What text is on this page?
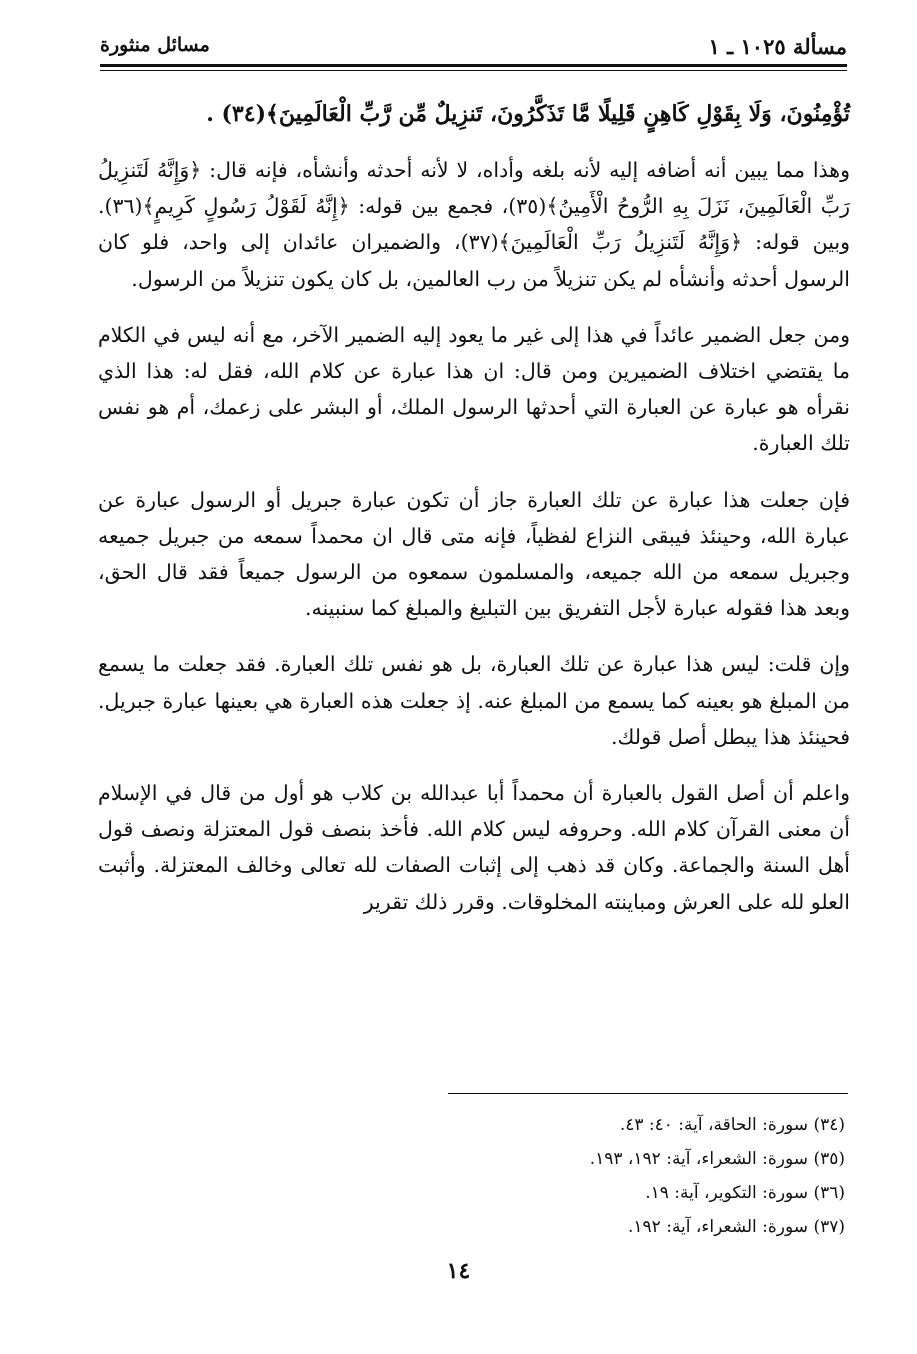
مسألة ١٠٢٥ ـ ١
مسائل منثورة

تُؤْمِنُونَ، وَلَا بِقَوْلِ كَاهِنٍ قَلِيلًا مَّا تَذَكَّرُونَ، تَنزِيلٌ مِّن رَّبِّ الْعَالَمِينَ﴾(٣٤) .

وهذا مما يبين أنه أضافه إليه لأنه بلغه وأداه، لا لأنه أحدثه وأنشأه، فإنه قال: ﴿وَإِنَّهُ لَتَنزِيلُ رَبِّ الْعَالَمِينَ، نَزَلَ بِهِ الرُّوحُ الْأَمِينُ﴾(٣٥)، فجمع بين قوله: ﴿إِنَّهُ لَقَوْلُ رَسُولٍ كَرِيمٍ﴾(٣٦). وبين قوله: ﴿وَإِنَّهُ لَتَنزِيلُ رَبِّ الْعَالَمِينَ﴾(٣٧)، والضميران عائدان إلى واحد، فلو كان الرسول أحدثه وأنشأه لم يكن تنزيلاً من رب العالمين، بل كان يكون تنزيلاً من الرسول.

ومن جعل الضمير عائداً في هذا إلى غير ما يعود إليه الضمير الآخر، مع أنه ليس في الكلام ما يقتضي اختلاف الضميرين ومن قال: ان هذا عبارة عن كلام الله، فقل له: هذا الذي نقرأه هو عبارة عن العبارة التي أحدثها الرسول الملك، أو البشر على زعمك، أم هو نفس تلك العبارة.

فإن جعلت هذا عبارة عن تلك العبارة جاز أن تكون عبارة جبريل أو الرسول عبارة عن عبارة الله، وحينئذ فيبقى النزاع لفظياً، فإنه متى قال ان محمداً سمعه من جبريل جميعه وجبريل سمعه من الله جميعه، والمسلمون سمعوه من الرسول جميعاً فقد قال الحق، وبعد هذا فقوله عبارة لأجل التفريق بين التبليغ والمبلغ كما سنبينه.

وإن قلت: ليس هذا عبارة عن تلك العبارة، بل هو نفس تلك العبارة. فقد جعلت ما يسمع من المبلغ هو بعينه كما يسمع من المبلغ عنه. إذ جعلت هذه العبارة هي بعينها عبارة جبريل. فحينئذ هذا يبطل أصل قولك.

واعلم أن أصل القول بالعبارة أن محمداً أبا عبدالله بن كلاب هو أول من قال في الإسلام أن معنى القرآن كلام الله. وحروفه ليس كلام الله. فأخذ بنصف قول المعتزلة ونصف قول أهل السنة والجماعة. وكان قد ذهب إلى إثبات الصفات لله تعالى وخالف المعتزلة. وأثبت العلو لله على العرش ومباينته المخلوقات. وقرر ذلك تقرير

(٣٤) سورة: الحاقة، آية: ٤٠: ٤٣.
(٣٥) سورة: الشعراء، آية: ١٩٢، ١٩٣.
(٣٦) سورة: التكوير، آية: ١٩.
(٣٧) سورة: الشعراء، آية: ١٩٢.
١٤
